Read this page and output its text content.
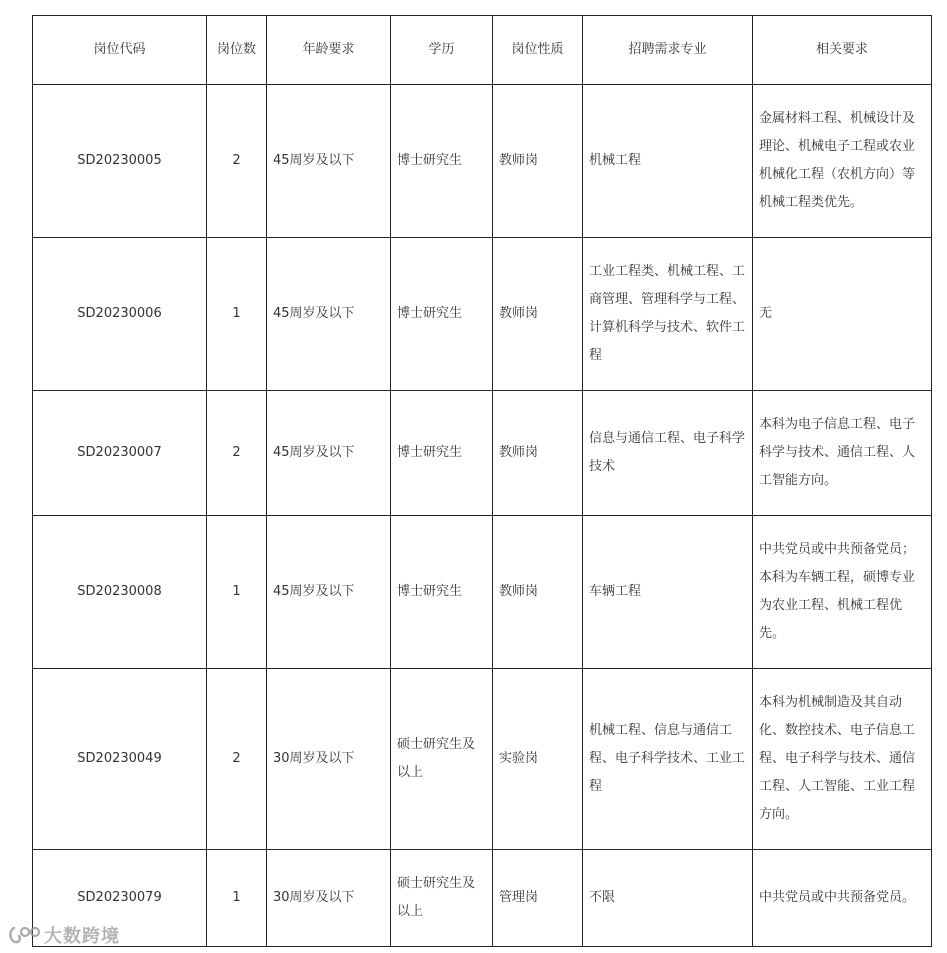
岗位代码	岗位数	年龄要求	学历	岗位性质	招聘需求专业	相关要求
SD20230005	2	45周岁及以下	博士研究生	教师岗	机械工程	金属材料工程、机械设计及理论、机械电子工程或农业机械化工程（农机方向）等机械工程类优先。
SD20230006	1	45周岁及以下	博士研究生	教师岗	工业工程类、机械工程、工商管理、管理科学与工程、计算机科学与技术、软件工程	无
SD20230007	2	45周岁及以下	博士研究生	教师岗	信息与通信工程、电子科学技术	本科为电子信息工程、电子科学与技术、通信工程、人工智能方向。
SD20230008	1	45周岁及以下	博士研究生	教师岗	车辆工程	中共党员或中共预备党员；本科为车辆工程，硕博专业为农业工程、机械工程优先。
SD20230049	2	30周岁及以下	硕士研究生及以上	实验岗	机械工程、信息与通信工程、电子科学技术、工业工程	本科为机械制造及其自动化、数控技术、电子信息工程、电子科学与技术、通信工程、人工智能、工业工程方向。
SD20230079	1	30周岁及以下	硕士研究生及以上	管理岗	不限	中共党员或中共预备党员。
大数跨境
